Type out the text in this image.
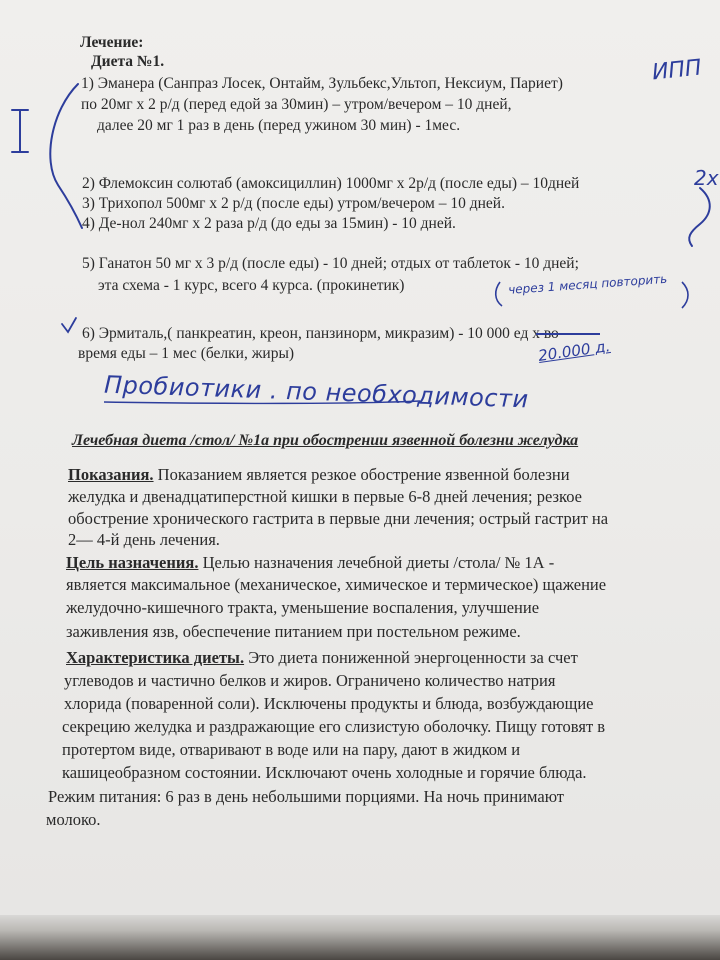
Лечение:
Диета №1.
1) Эманера (Санпраз Лосек, Онтайм, Зульбекс,Ультоп, Нексиум, Париет)
по 20мг х 2 р/д (перед едой за 30мин) – утром/вечером – 10 дней,
далее 20 мг 1 раз в день (перед ужином 30 мин) - 1мес.
2) Флемоксин солютаб (амоксициллин) 1000мг х 2р/д (после еды) – 10дней
3) Трихопол 500мг х 2 р/д (после еды) утром/вечером – 10 дней.
4) Де-нол 240мг х 2 раза р/д (до еды за 15мин) - 10 дней.
5) Ганатон 50 мг х 3 р/д (после еды) - 10 дней; отдых от таблеток - 10 дней;
эта схема - 1 курс, всего 4 курса. (прокинетик)
6) Эрмиталь,( панкреатин, креон, панзинорм, микразим) - 10 000 ед х во
время еды – 1 мес (белки, жиры)
Лечебная диета /стол/ №1а при обострении язвенной болезни желудка
Показания. Показанием является резкое обострение язвенной болезни
желудка и двенадцатиперстной кишки в первые 6-8 дней лечения; резкое
обострение хронического гастрита в первые дни лечения; острый гастрит на
2— 4-й день лечения.
Цель назначения. Целью назначения лечебной диеты /стола/ № 1А -
является максимальное (механическое, химическое и термическое) щажение
желудочно-кишечного тракта, уменьшение воспаления, улучшение
заживления язв, обеспечение питанием при постельном режиме.
Характеристика диеты. Это диета пониженной энергоценности за счет
углеводов и частично белков и жиров. Ограничено количество натрия
хлорида (поваренной соли). Исключены продукты и блюда, возбуждающие
секрецию желудка и раздражающие его слизистую оболочку. Пищу готовят в
протертом виде, отваривают в воде или на пару, дают в жидком и
кашицеобразном состоянии. Исключают очень холодные и горячие блюда.
Режим питания: 6 раз в день небольшими порциями. На ночь принимают
молоко.
ИПП
2x
через 1 месяц повторить
20.000 д.
Пробиотики . по необходимости
